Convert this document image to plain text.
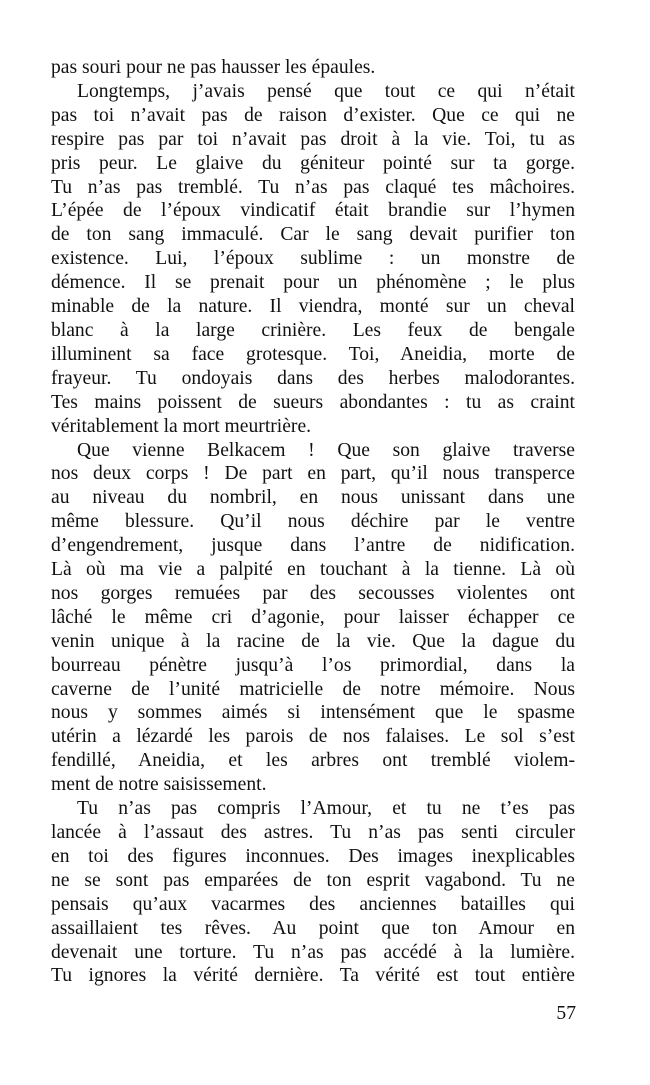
pas souri pour ne pas hausser les épaules.
Longtemps, j’avais pensé que tout ce qui n’était
pas toi n’avait pas de raison d’exister. Que ce qui ne
respire pas par toi n’avait pas droit à la vie. Toi, tu as
pris peur. Le glaive du géniteur pointé sur ta gorge.
Tu n’as pas tremblé. Tu n’as pas claqué tes mâchoires.
L’épée de l’époux vindicatif était brandie sur l’hymen
de ton sang immaculé. Car le sang devait purifier ton
existence. Lui, l’époux sublime : un monstre de
démence. Il se prenait pour un phénomène ; le plus
minable de la nature. Il viendra, monté sur un cheval
blanc à la large crinière. Les feux de bengale
illuminent sa face grotesque. Toi, Aneidia, morte de
frayeur. Tu ondoyais dans des herbes malodorantes.
Tes mains poissent de sueurs abondantes : tu as craint
véritablement la mort meurtrière.
Que vienne Belkacem ! Que son glaive traverse
nos deux corps ! De part en part, qu’il nous transperce
au niveau du nombril, en nous unissant dans une
même blessure. Qu’il nous déchire par le ventre
d’engendrement, jusque dans l’antre de nidification.
Là où ma vie a palpité en touchant à la tienne. Là où
nos gorges remuées par des secousses violentes ont
lâché le même cri d’agonie, pour laisser échapper ce
venin unique à la racine de la vie. Que la dague du
bourreau pénètre jusqu’à l’os primordial, dans la
caverne de l’unité matricielle de notre mémoire. Nous
nous y sommes aimés si intensément que le spasme
utérin a lézardé les parois de nos falaises. Le sol s’est
fendillé, Aneidia, et les arbres ont tremblé violem-
ment de notre saisissement.
Tu n’as pas compris l’Amour, et tu ne t’es pas
lancée à l’assaut des astres. Tu n’as pas senti circuler
en toi des figures inconnues. Des images inexplicables
ne se sont pas emparées de ton esprit vagabond. Tu ne
pensais qu’aux vacarmes des anciennes batailles qui
assaillaient tes rêves. Au point que ton Amour en
devenait une torture. Tu n’as pas accédé à la lumière.
Tu ignores la vérité dernière. Ta vérité est tout entière
57
